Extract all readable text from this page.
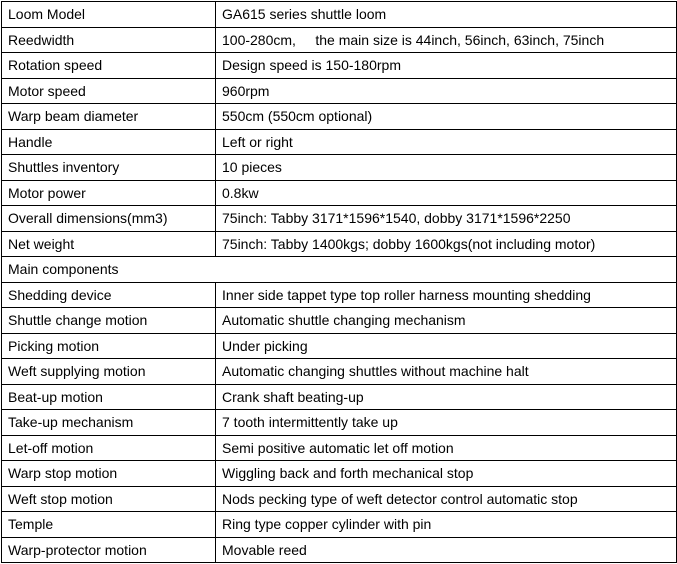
Loom Model	GA615 series shuttle loom
Reedwidth	100-280cm,     the main size is 44inch, 56inch, 63inch, 75inch
Rotation speed	Design speed is 150-180rpm
Motor speed	960rpm
Warp beam diameter	550cm (550cm optional)
Handle	Left or right
Shuttles inventory	10 pieces
Motor power	0.8kw
Overall dimensions(mm3)	75inch: Tabby 3171*1596*1540, dobby 3171*1596*2250
Net weight	75inch: Tabby 1400kgs; dobby 1600kgs(not including motor)
Main components	
Shedding device	Inner side tappet type top roller harness mounting shedding
Shuttle change motion	Automatic shuttle changing mechanism
Picking motion	Under picking
Weft supplying motion	Automatic changing shuttles without machine halt
Beat-up motion	Crank shaft beating-up
Take-up mechanism	7 tooth intermittently take up
Let-off motion	Semi positive automatic let off motion
Warp stop motion	Wiggling back and forth mechanical stop
Weft stop motion	Nods pecking type of weft detector control automatic stop
Temple	Ring type copper cylinder with pin
Warp-protector motion	Movable reed
